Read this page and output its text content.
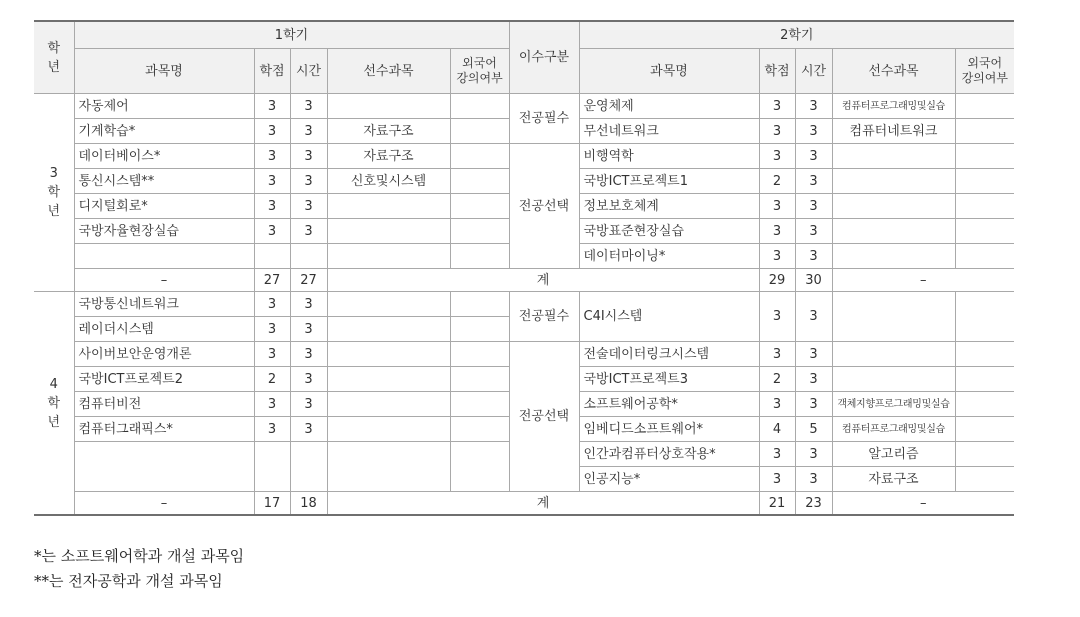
학년	1학기					이수구분	2학기				
	과목명	학점	시간	선수과목	외국어
강의여부		과목명	학점	시간	선수과목	외국어
강의여부
3학년	자동제어	3	3			전공필수	운영체제	3	3	컴퓨터프로그래밍및실습	
	기계학습*	3	3	자료구조			무선네트워크	3	3	컴퓨터네트워크	
	데이터베이스*	3	3	자료구조		전공선택	비행역학	3	3		
	통신시스템**	3	3	신호및시스템			국방ICT프로젝트1	2	3		
	디지털회로*	3	3				정보보호체계	3	3		
	국방자율현장실습	3	3				국방표준현장실습	3	3		
							데이터마이닝*	3	3		
	–	27	27	계				29	30	–	
4학년	국방통신네트워크	3	3			전공필수	C4I시스템	3	3		
	레이더시스템	3	3								
	사이버보안운영개론	3	3			전공선택	전술데이터링크시스템	3	3		
	국방ICT프로젝트2	2	3				국방ICT프로젝트3	2	3		
	컴퓨터비전	3	3				소프트웨어공학*	3	3	객체지향프로그래밍및실습	
	컴퓨터그래픽스*	3	3				임베디드소프트웨어*	4	5	컴퓨터프로그래밍및실습	
							인간과컴퓨터상호작용*	3	3	알고리즘	
							인공지능*	3	3	자료구조	
	–	17	18	계				21	23	–	
*는 소프트웨어학과 개설 과목임
**는 전자공학과 개설 과목임
